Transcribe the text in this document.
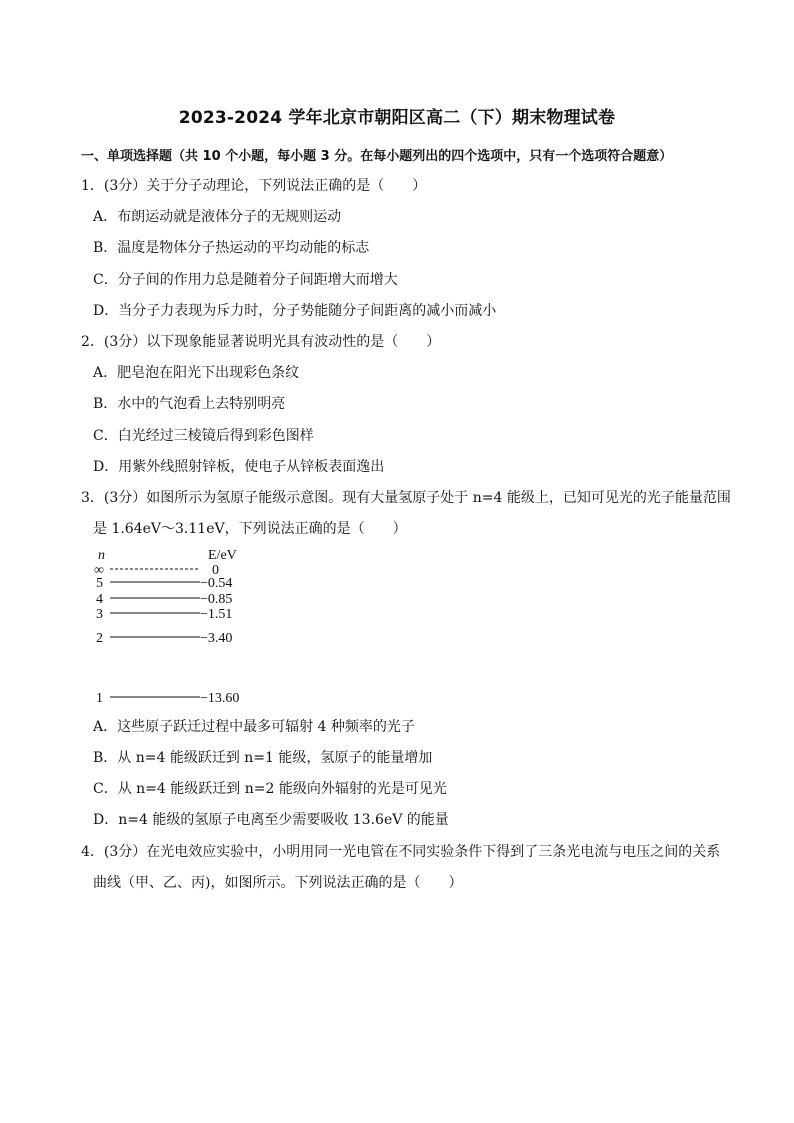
2023-2024 学年北京市朝阳区高二（下）期末物理试卷
一、单项选择题（共 10 个小题，每小题 3 分。在每小题列出的四个选项中，只有一个选项符合题意）
1．(3分）关于分子动理论，下列说法正确的是（　　）
A．布朗运动就是液体分子的无规则运动
B．温度是物体分子热运动的平均动能的标志
C．分子间的作用力总是随着分子间距增大而增大
D．当分子力表现为斥力时，分子势能随分子间距离的减小而减小
2．(3分）以下现象能显著说明光具有波动性的是（　　）
A．肥皂泡在阳光下出现彩色条纹
B．水中的气泡看上去特别明亮
C．白光经过三棱镜后得到彩色图样
D．用紫外线照射锌板，使电子从锌板表面逸出
3．(3分）如图所示为氢原子能级示意图。现有大量氢原子处于 n=4 能级上，已知可见光的光子能量范围
是 1.64eV～3.11eV，下列说法正确的是（　　）
n	E/eV
∞	0
5	−0.54
4	−0.85
3	−1.51
2	−3.40
1	−13.60
A．这些原子跃迁过程中最多可辐射 4 种频率的光子
B．从 n=4 能级跃迁到 n=1 能级，氢原子的能量增加
C．从 n=4 能级跃迁到 n=2 能级向外辐射的光是可见光
D．n=4 能级的氢原子电离至少需要吸收 13.6eV 的能量
4．(3分）在光电效应实验中，小明用同一光电管在不同实验条件下得到了三条光电流与电压之间的关系
曲线（甲、乙、丙)，如图所示。下列说法正确的是（　　）
